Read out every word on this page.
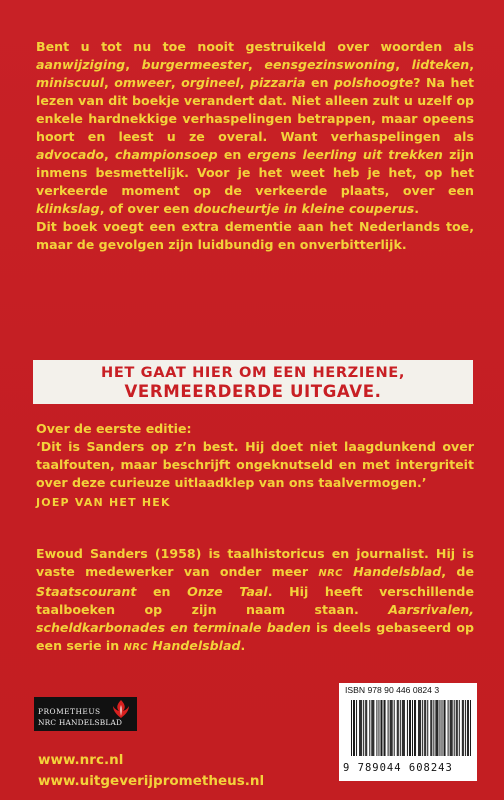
Bent u tot nu toe nooit gestruikeld over woorden als aanwijziging, burgermeester, eensgezinswoning, lidteken, miniscuul, omweer, orgineel, pizzaria en polshoogte? Na het lezen van dit boekje verandert dat. Niet alleen zult u uzelf op enkele hardnekkige verhaspelingen betrappen, maar opeens hoort en leest u ze overal. Want verhaspelingen als advocado, championsoep en ergens leerling uit trekken zijn inmens besmettelijk. Voor je het weet heb je het, op het verkeerde moment op de verkeerde plaats, over een klinkslag, of over een doucheurtje in kleine couperus.

Dit boek voegt een extra dementie aan het Nederlands toe, maar de gevolgen zijn luidbundig en onverbitterlijk.

HET GAAT HIER OM EEN HERZIENE,
VERMEERDERDE UITGAVE.
Over de eerste editie:

‘Dit is Sanders op z’n best. Hij doet niet laagdunkend over taalfouten, maar beschrijft ongeknutseld en met intergriteit over deze curieuze uitlaadklep van ons taalvermogen.’

JOEP VAN HET HEK

Ewoud Sanders (1958) is taalhistoricus en journalist. Hij is vaste medewerker van onder meer NRC Handelsblad, de Staatscourant en Onze Taal. Hij heeft verschillende taalboeken op zijn naam staan. Aarsrivalen, scheldkarbonades en terminale baden is deels gebaseerd op een serie in NRC Handelsblad.

PROMETHEUS
NRC HANDELSBLAD
ISBN 978 90 446 0824 3
9 789044 608243
www.nrc.nl
www.uitgeverijprometheus.nl
